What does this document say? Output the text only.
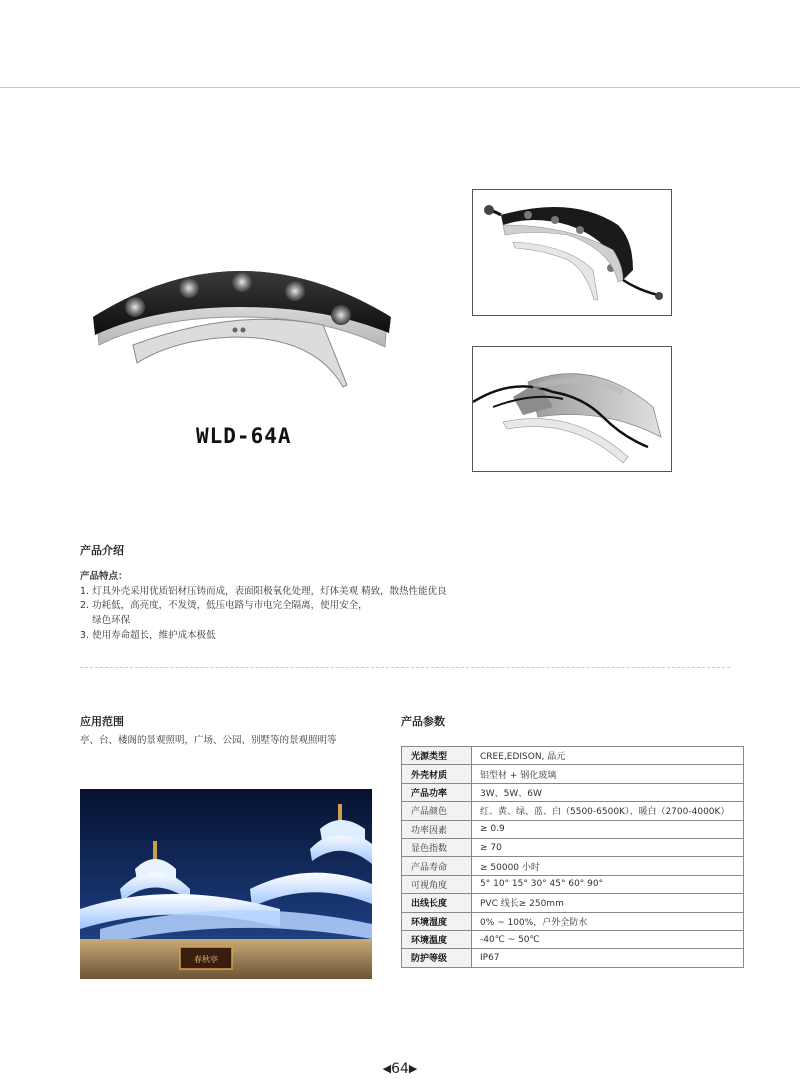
WLD-64A
产品介绍
产品特点：
1. 灯具外壳采用优质铝材压铸而成，表面阳极氧化处理，灯体美观 精致，散热性能优良
2. 功耗低，高亮度，不发烫，低压电路与市电完全隔离，使用安全，
绿色环保
3. 使用寿命超长，维护成本极低
应用范围
亭、台、楼阁的景观照明，广场、公园、别墅等的景观照明等
春秋亭
产品参数
光源类型	CREE,EDISON, 晶元
外壳材质	铝型材 + 钢化玻璃
产品功率	3W、5W、6W
产品颜色	红、黄、绿、蓝、白（5500-6500K）、暖白（2700-4000K）
功率因素	≥ 0.9
显色指数	≥ 70
产品寿命	≥ 50000 小时
可视角度	5° 10° 15° 30° 45° 60° 90°
出线长度	PVC 线长≥ 250mm
环境湿度	0% ~ 100%，户外全防水
环境温度	-40℃ ~ 50℃
防护等级	IP67
◀64▶
